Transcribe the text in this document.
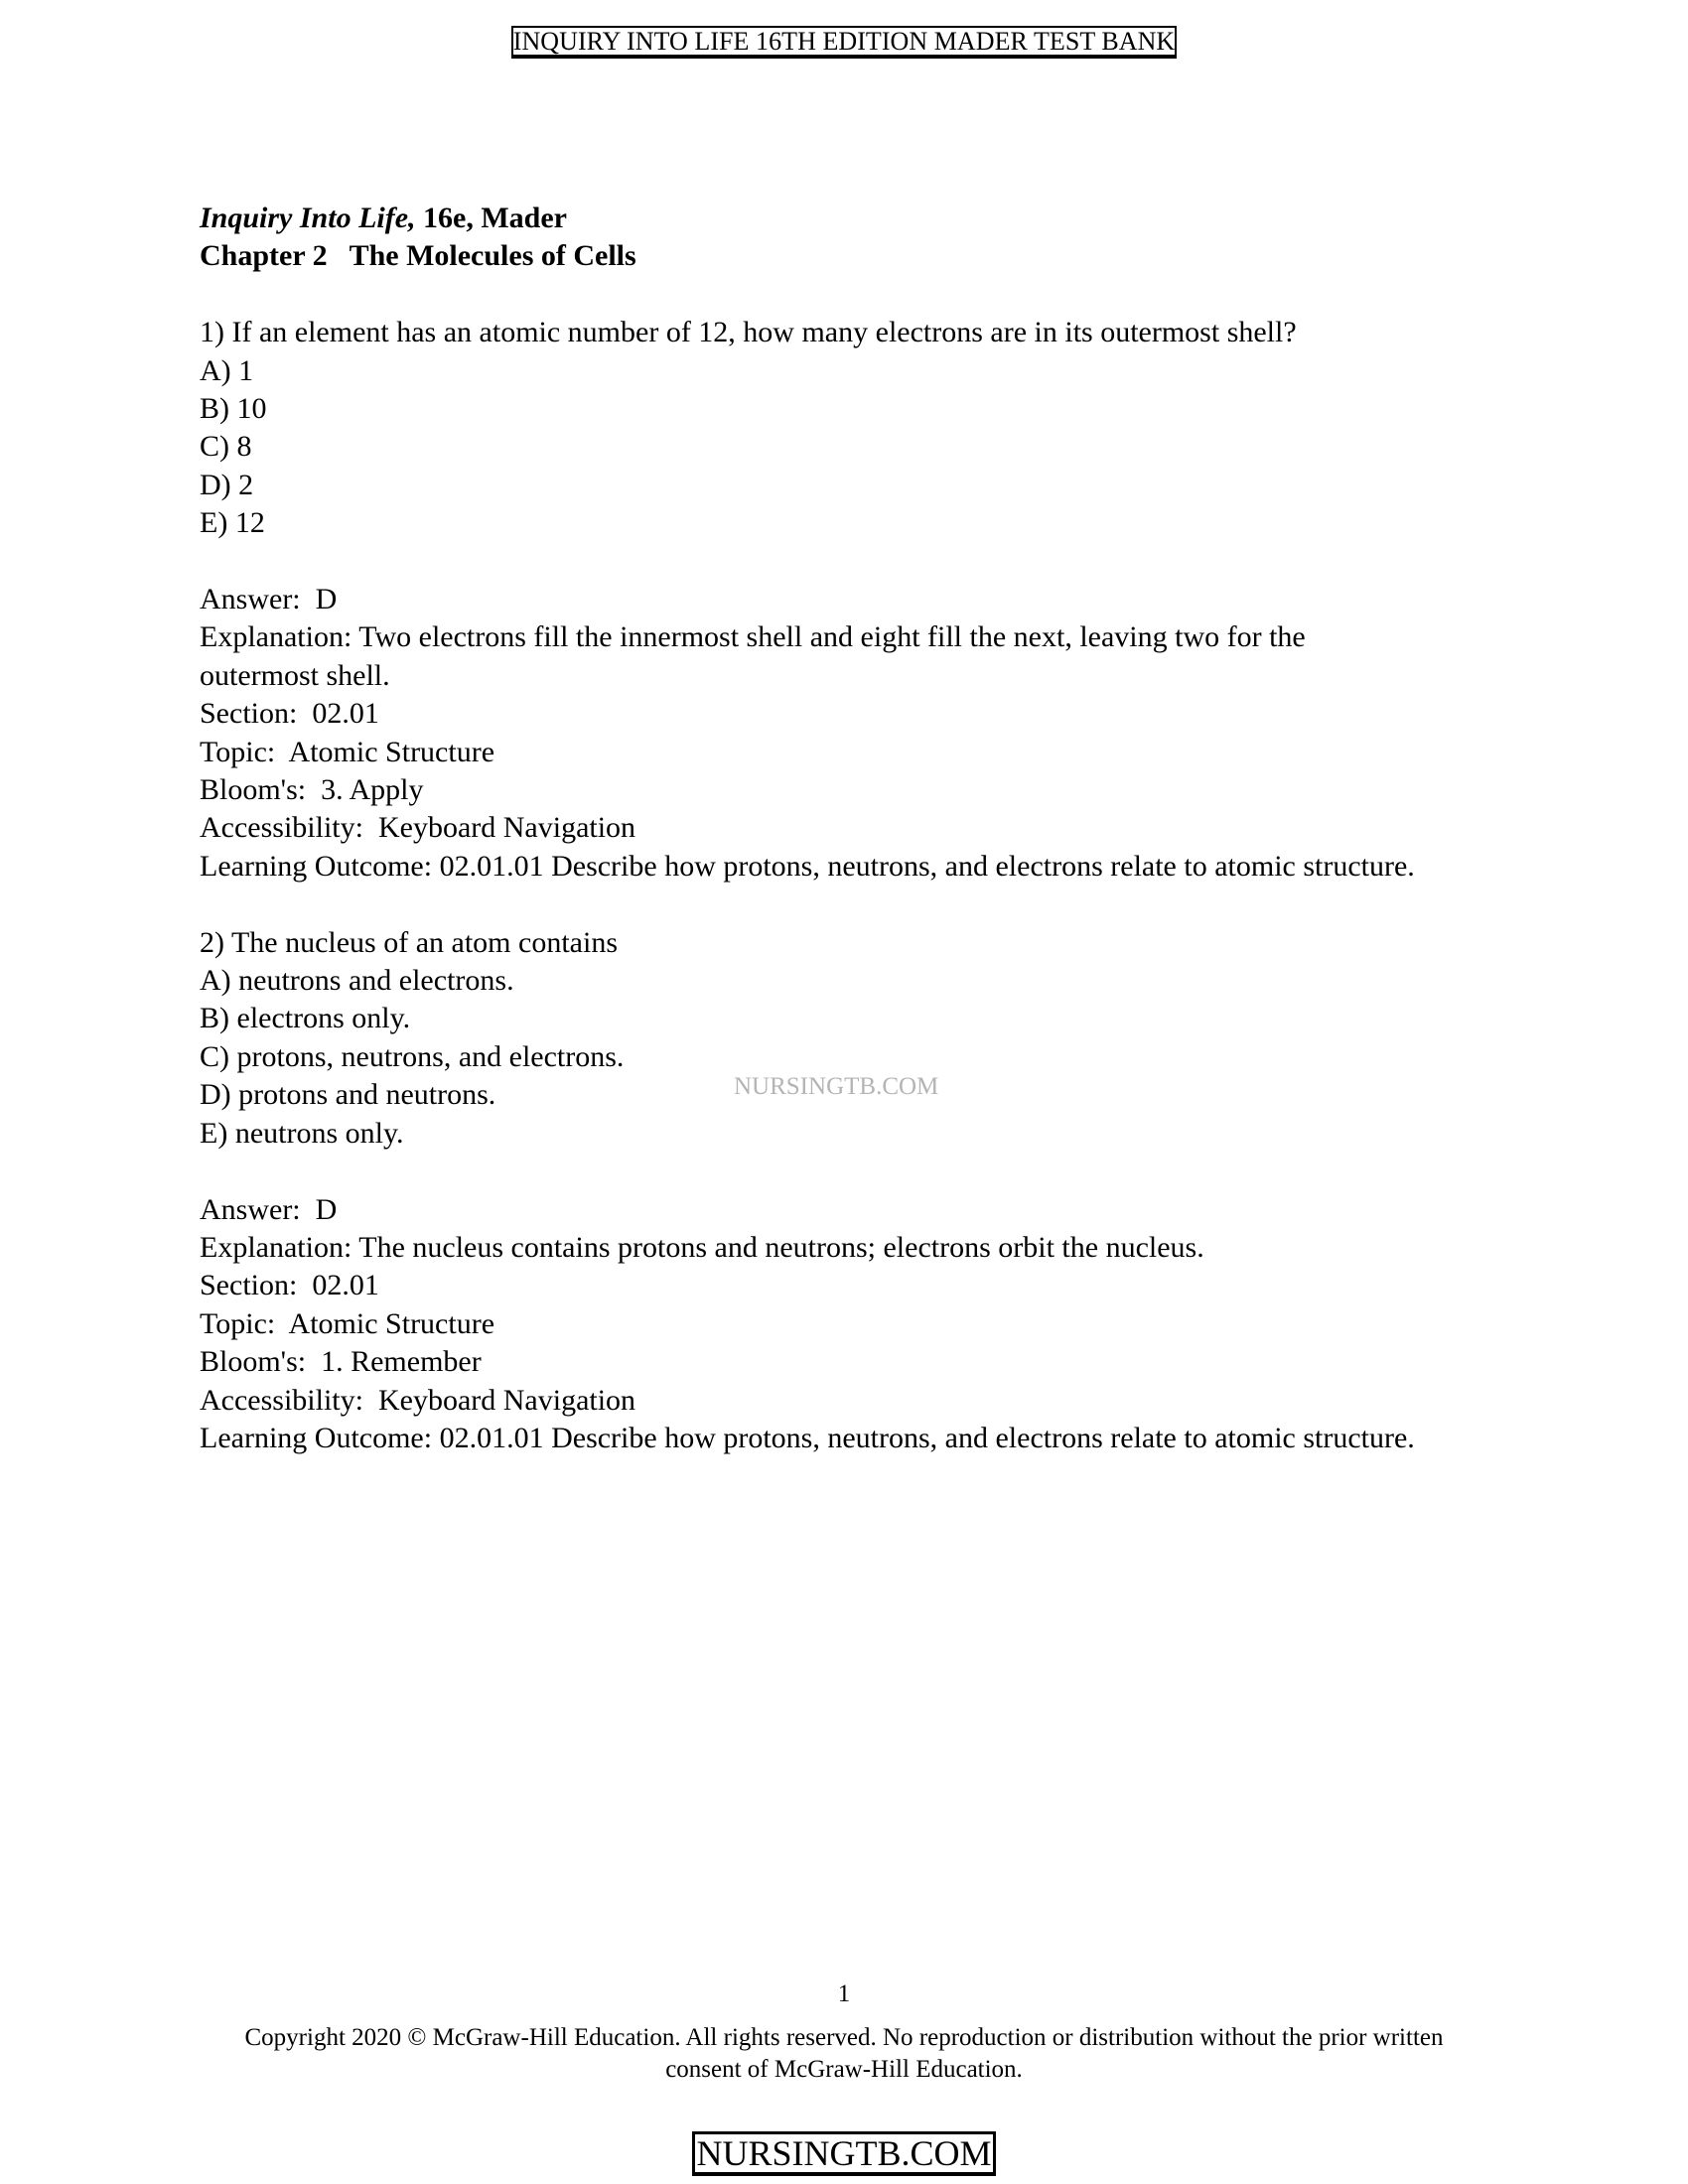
INQUIRY INTO LIFE 16TH EDITION MADER TEST BANK
Inquiry Into Life, 16e, Mader
Chapter 2   The Molecules of Cells
1) If an element has an atomic number of 12, how many electrons are in its outermost shell?
A) 1
B) 10
C) 8
D) 2
E) 12
Answer:  D
Explanation: Two electrons fill the innermost shell and eight fill the next, leaving two for the outermost shell.
Section:  02.01
Topic:  Atomic Structure
Bloom's:  3. Apply
Accessibility:  Keyboard Navigation
Learning Outcome: 02.01.01 Describe how protons, neutrons, and electrons relate to atomic structure.
2) The nucleus of an atom contains
A) neutrons and electrons.
B) electrons only.
C) protons, neutrons, and electrons.
D) protons and neutrons.
E) neutrons only.
Answer:  D
Explanation: The nucleus contains protons and neutrons; electrons orbit the nucleus.
Section:  02.01
Topic:  Atomic Structure
Bloom's:  1. Remember
Accessibility:  Keyboard Navigation
Learning Outcome: 02.01.01 Describe how protons, neutrons, and electrons relate to atomic structure.
NURSINGTB.COM
1
Copyright 2020 © McGraw-Hill Education. All rights reserved. No reproduction or distribution without the prior written consent of McGraw-Hill Education.
NURSINGTB.COM
